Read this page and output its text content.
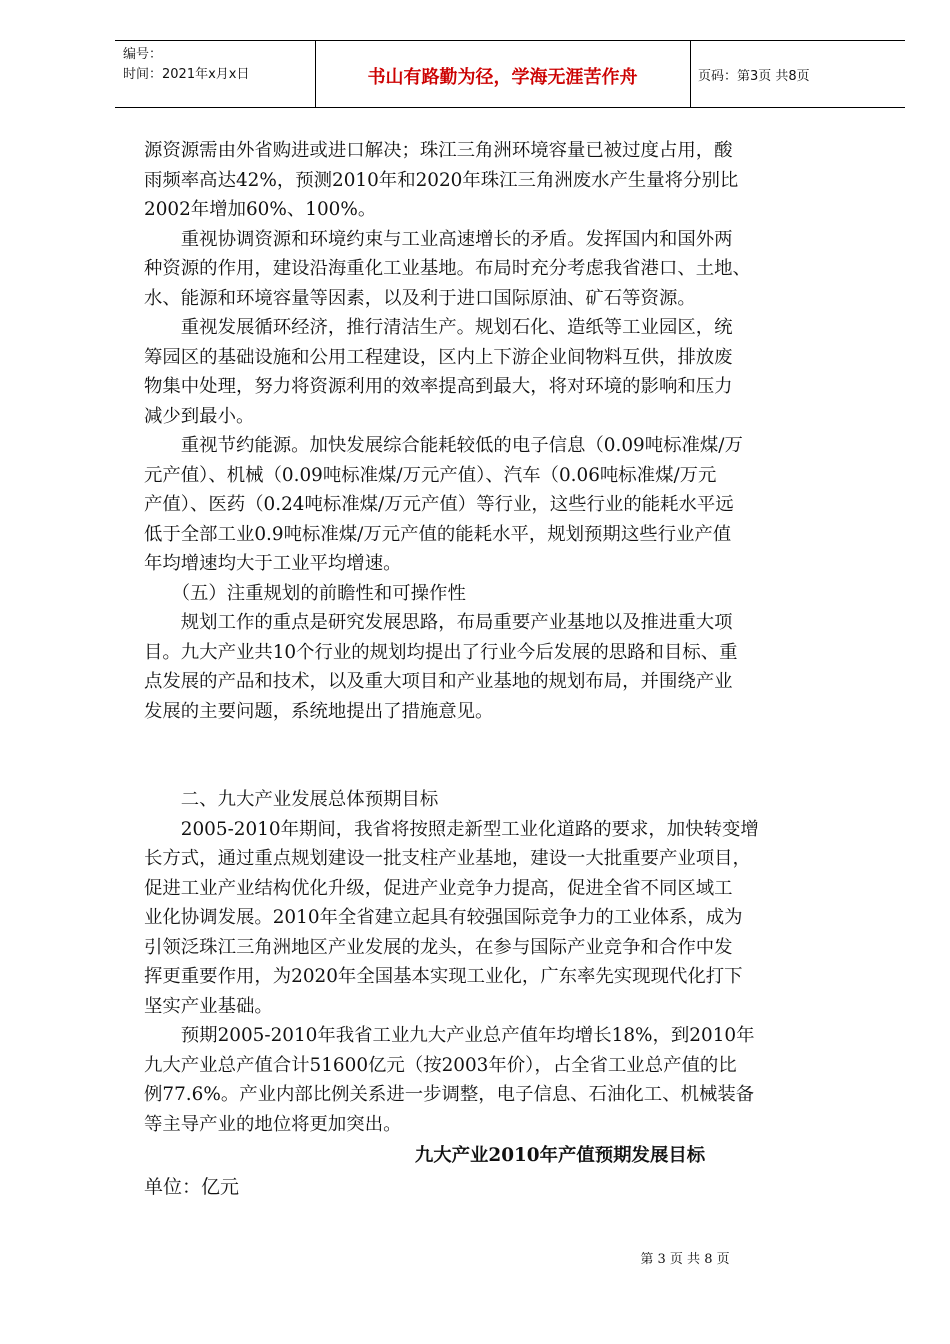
编号：
时间：2021年x月x日	书山有路勤为径，学海无涯苦作舟	页码：第3页 共8页

源资源需由外省购进或进口解决；珠江三角洲环境容量已被过度占用，酸

雨频率高达42%，预测2010年和2020年珠江三角洲废水产生量将分别比

2002年增加60%、100%。

　　重视协调资源和环境约束与工业高速增长的矛盾。发挥国内和国外两

种资源的作用，建设沿海重化工业基地。布局时充分考虑我省港口、土地、

水、能源和环境容量等因素，以及利于进口国际原油、矿石等资源。

　　重视发展循环经济，推行清洁生产。规划石化、造纸等工业园区，统

筹园区的基础设施和公用工程建设，区内上下游企业间物料互供，排放废

物集中处理，努力将资源利用的效率提高到最大，将对环境的影响和压力

减少到最小。

　　重视节约能源。加快发展综合能耗较低的电子信息（0.09吨标准煤/万

元产值）、机械（0.09吨标准煤/万元产值）、汽车（0.06吨标准煤/万元

产值）、医药（0.24吨标准煤/万元产值）等行业，这些行业的能耗水平远

低于全部工业0.9吨标准煤/万元产值的能耗水平，规划预期这些行业产值

年均增速均大于工业平均增速。

　　（五）注重规划的前瞻性和可操作性

　　规划工作的重点是研究发展思路，布局重要产业基地以及推进重大项

目。九大产业共10个行业的规划均提出了行业今后发展的思路和目标、重

点发展的产品和技术，以及重大项目和产业基地的规划布局，并围绕产业

发展的主要问题，系统地提出了措施意见。

　　二、九大产业发展总体预期目标

　　2005-2010年期间，我省将按照走新型工业化道路的要求，加快转变增

长方式，通过重点规划建设一批支柱产业基地，建设一大批重要产业项目，

促进工业产业结构优化升级，促进产业竞争力提高，促进全省不同区域工

业化协调发展。2010年全省建立起具有较强国际竞争力的工业体系，成为

引领泛珠江三角洲地区产业发展的龙头，在参与国际产业竞争和合作中发

挥更重要作用，为2020年全国基本实现工业化，广东率先实现现代化打下

坚实产业基础。

　　预期2005-2010年我省工业九大产业总产值年均增长18%，到2010年

九大产业总产值合计51600亿元（按2003年价），占全省工业总产值的比

例77.6%。产业内部比例关系进一步调整，电子信息、石油化工、机械装备

等主导产业的地位将更加突出。

九大产业2010年产值预期发展目标
单位：亿元
第 3 页 共 8 页
